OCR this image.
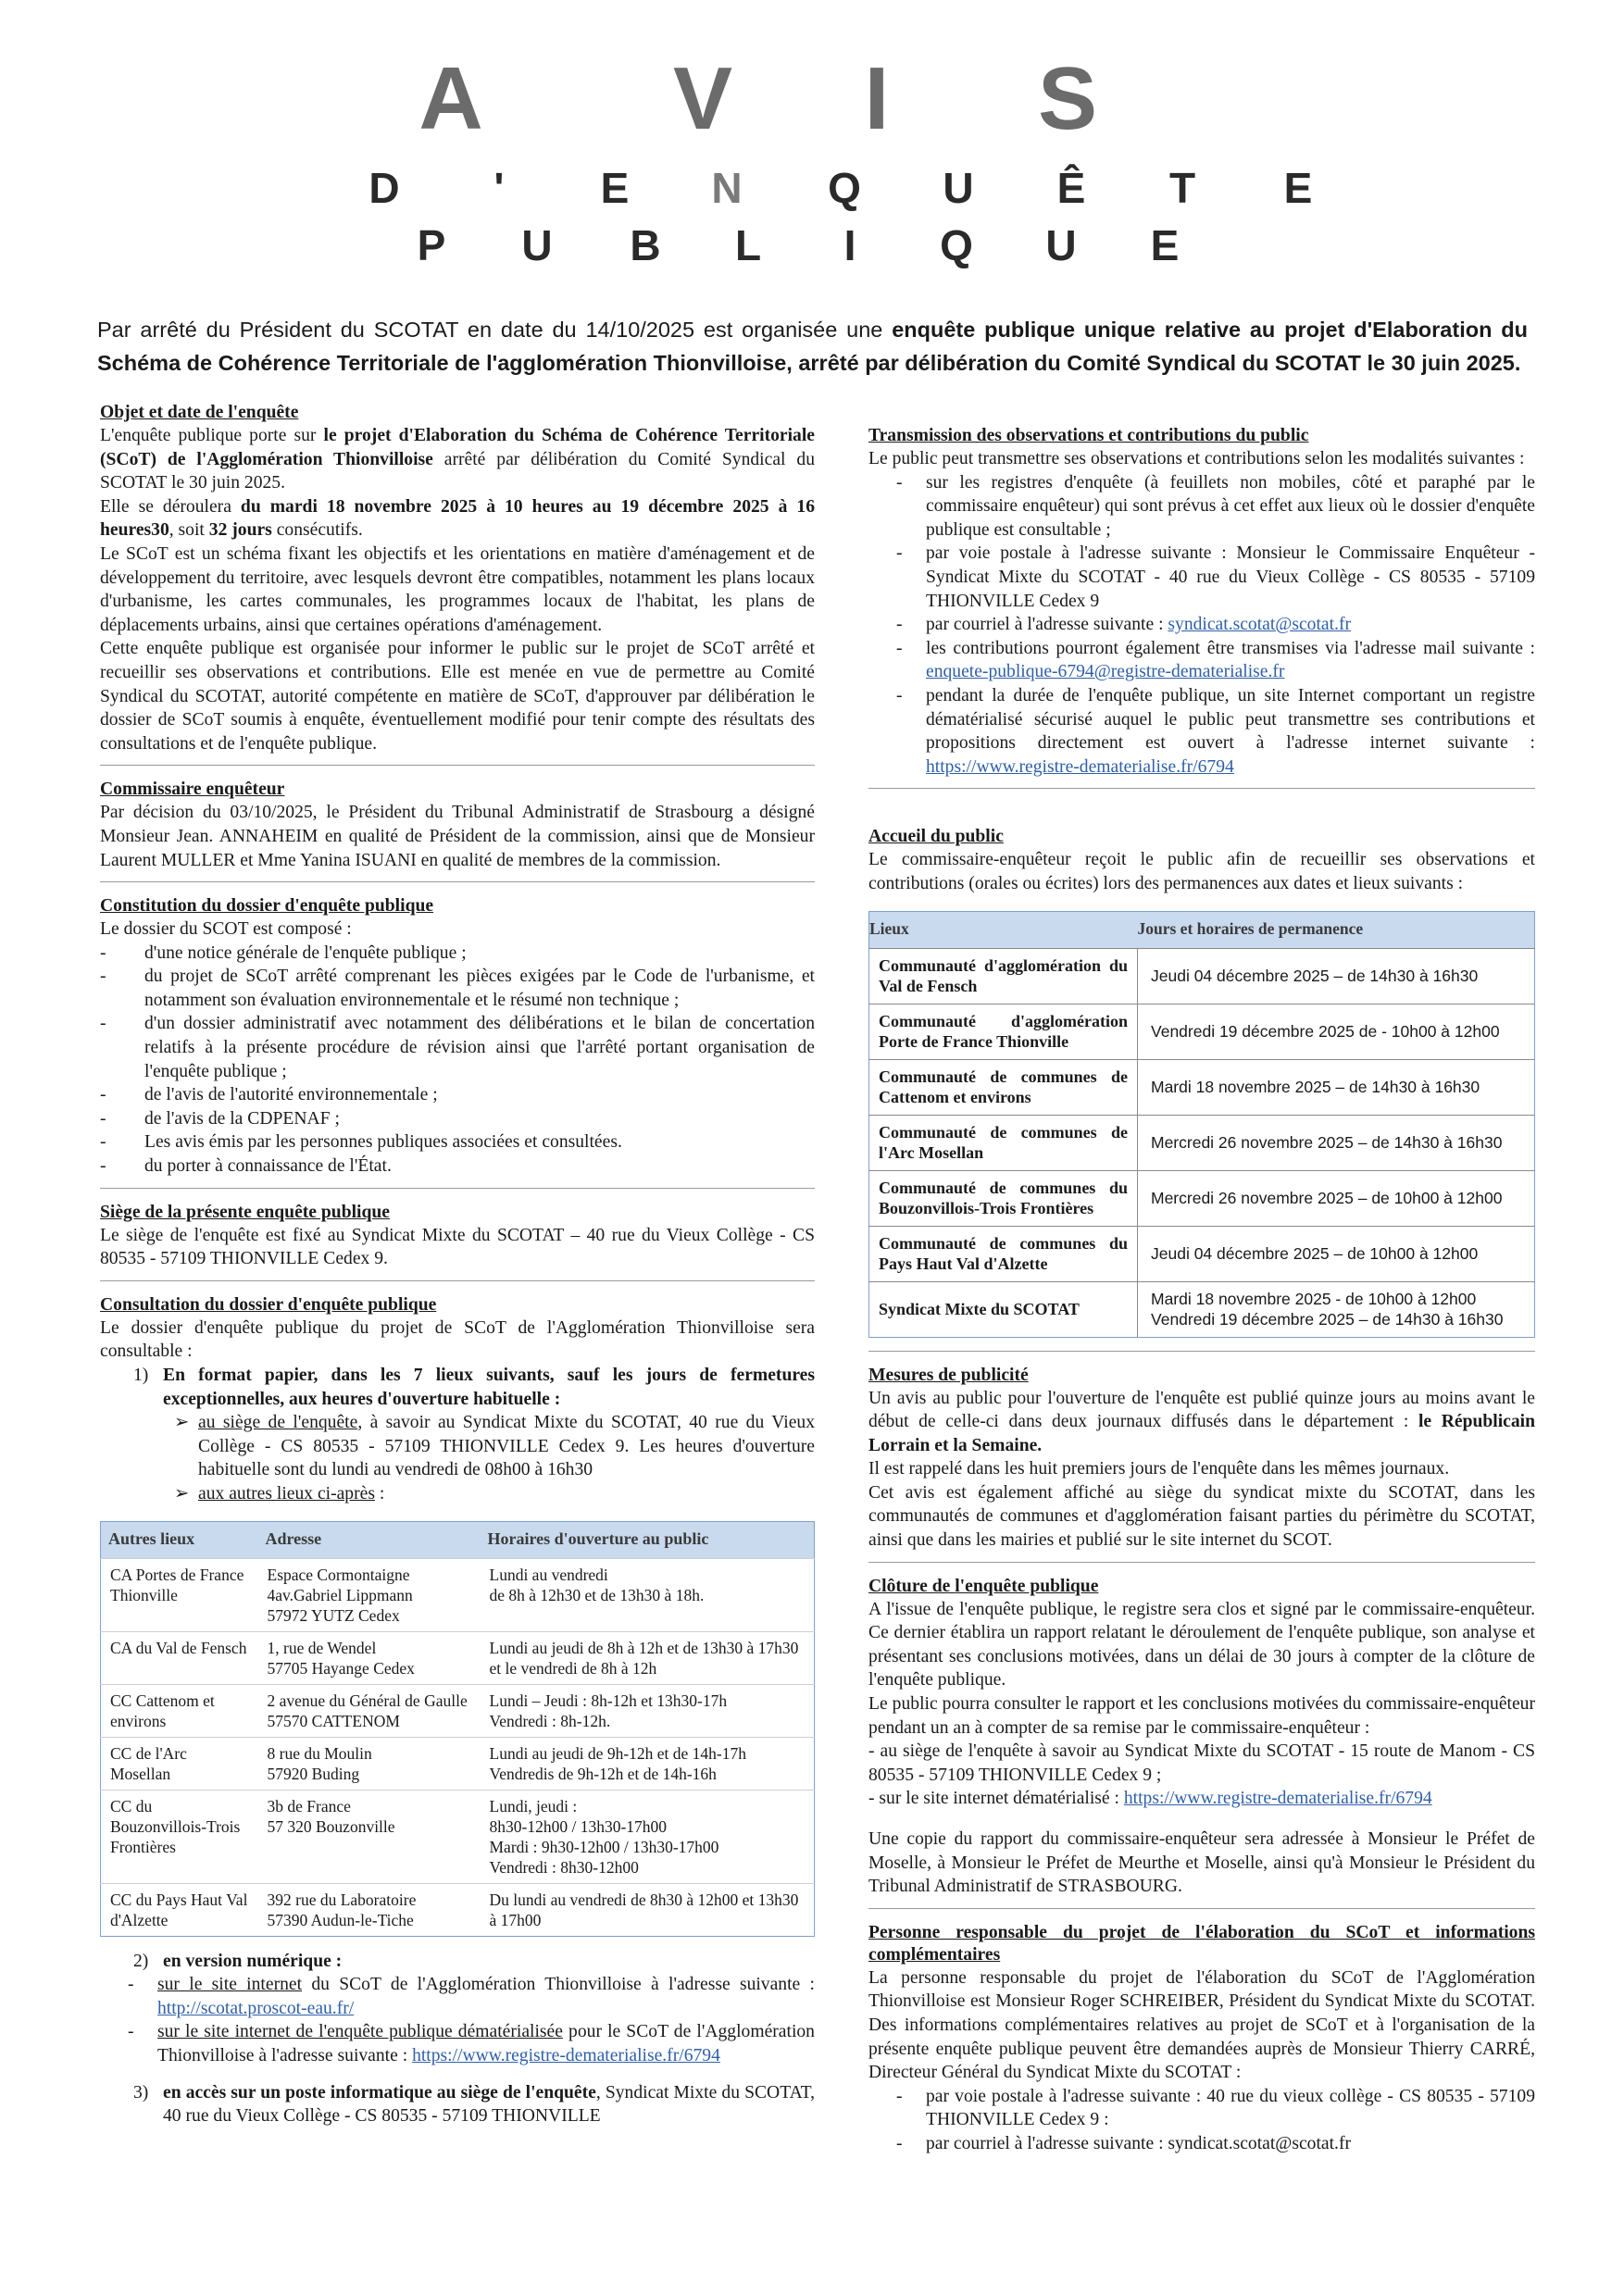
A V	I	S
D	'	E	N	Q	U	Ê	T	E
P	U	B	L	I	Q	U	E
Par arrêté du Président du SCOTAT en date du 14/10/2025 est organisée une enquête publique unique relative au projet d'Elaboration du Schéma de Cohérence Territoriale de l'agglomération Thionvilloise, arrêté par délibération du Comité Syndical du SCOTAT le 30 juin 2025.
Objet et date de l'enquête

L'enquête publique porte sur le projet d'Elaboration du Schéma de Cohérence Territoriale (SCoT) de l'Agglomération Thionvilloise arrêté par délibération du Comité Syndical du SCOTAT le 30 juin 2025.

Elle se déroulera du mardi 18 novembre 2025 à 10 heures au 19 décembre 2025 à 16 heures30, soit 32 jours consécutifs.

Le SCoT est un schéma fixant les objectifs et les orientations en matière d'aménagement et de développement du territoire, avec lesquels devront être compatibles, notamment les plans locaux d'urbanisme, les cartes communales, les programmes locaux de l'habitat, les plans de déplacements urbains, ainsi que certaines opérations d'aménagement.

Cette enquête publique est organisée pour informer le public sur le projet de SCoT arrêté et recueillir ses observations et contributions. Elle est menée en vue de permettre au Comité Syndical du SCOTAT, autorité compétente en matière de SCoT, d'approuver par délibération le dossier de SCoT soumis à enquête, éventuellement modifié pour tenir compte des résultats des consultations et de l'enquête publique.

Commissaire enquêteur

Par décision du 03/10/2025, le Président du Tribunal Administratif de Strasbourg a désigné Monsieur Jean. ANNAHEIM en qualité de Président de la commission, ainsi que de Monsieur Laurent MULLER et Mme Yanina ISUANI en qualité de membres de la commission.

Constitution du dossier d'enquête publique

Le dossier du SCOT est composé :

- d'une notice générale de l'enquête publique ;
- du projet de SCoT arrêté comprenant les pièces exigées par le Code de l'urbanisme, et notamment son évaluation environnementale et le résumé non technique ;
- d'un dossier administratif avec notamment des délibérations et le bilan de concertation relatifs à la présente procédure de révision ainsi que l'arrêté portant organisation de l'enquête publique ;
- de l'avis de l'autorité environnementale ;
- de l'avis de la CDPENAF ;
- Les avis émis par les personnes publiques associées et consultées.
- du porter à connaissance de l'État.
Siège de la présente enquête publique

Le siège de l'enquête est fixé au Syndicat Mixte du SCOTAT – 40 rue du Vieux Collège - CS 80535 - 57109 THIONVILLE Cedex 9.

Consultation du dossier d'enquête publique

Le dossier d'enquête publique du projet de SCoT de l'Agglomération Thionvilloise sera consultable :

1) En format papier, dans les 7 lieux suivants, sauf les jours de fermetures exceptionnelles, aux heures d'ouverture habituelle :
➢ au siège de l'enquête, à savoir au Syndicat Mixte du SCOTAT, 40 rue du Vieux Collège - CS 80535 - 57109 THIONVILLE Cedex 9. Les heures d'ouverture habituelle sont du lundi au vendredi de 08h00 à 16h30
➢ aux autres lieux ci-après :
Autres lieux	Adresse	Horaires d'ouverture au public
CA Portes de France Thionville	Espace Cormontaigne
4av.Gabriel Lippmann
57972 YUTZ Cedex	Lundi au vendredi
de 8h à 12h30 et de 13h30 à 18h.
CA du Val de Fensch	1, rue de Wendel
57705 Hayange Cedex	Lundi au jeudi de 8h à 12h et de 13h30 à 17h30
et le vendredi de 8h à 12h
CC Cattenom et environs	2 avenue du Général de Gaulle
57570 CATTENOM	Lundi – Jeudi : 8h-12h et 13h30-17h
Vendredi : 8h-12h.
CC de l'Arc Mosellan	8 rue du Moulin
57920 Buding	Lundi au jeudi de 9h-12h et de 14h-17h
Vendredis de 9h-12h et de 14h-16h
CC du Bouzonvillois-Trois Frontières	3b de France
57 320 Bouzonville	Lundi, jeudi :
8h30-12h00 / 13h30-17h00
Mardi : 9h30-12h00 / 13h30-17h00
Vendredi : 8h30-12h00
CC du Pays Haut Val d'Alzette	392 rue du Laboratoire
57390 Audun-le-Tiche	Du lundi au vendredi de 8h30 à 12h00 et 13h30 à 17h00
2) en version numérique :
- sur le site internet du SCoT de l'Agglomération Thionvilloise à l'adresse suivante : http://scotat.proscot-eau.fr/
- sur le site internet de l'enquête publique dématérialisée pour le SCoT de l'Agglomération Thionvilloise à l'adresse suivante : https://www.registre-dematerialise.fr/6794
3) en accès sur un poste informatique au siège de l'enquête, Syndicat Mixte du SCOTAT, 40 rue du Vieux Collège - CS 80535 - 57109 THIONVILLE
Transmission des observations et contributions du public

Le public peut transmettre ses observations et contributions selon les modalités suivantes :

- sur les registres d'enquête (à feuillets non mobiles, côté et paraphé par le commissaire enquêteur) qui sont prévus à cet effet aux lieux où le dossier d'enquête publique est consultable ;
- par voie postale à l'adresse suivante : Monsieur le Commissaire Enquêteur - Syndicat Mixte du SCOTAT - 40 rue du Vieux Collège - CS 80535 - 57109 THIONVILLE Cedex 9
- par courriel à l'adresse suivante : syndicat.scotat@scotat.fr
- les contributions pourront également être transmises via l'adresse mail suivante : enquete-publique-6794@registre-dematerialise.fr
- pendant la durée de l'enquête publique, un site Internet comportant un registre dématérialisé sécurisé auquel le public peut transmettre ses contributions et propositions directement est ouvert à l'adresse internet suivante : https://www.registre-dematerialise.fr/6794
Accueil du public

Le commissaire-enquêteur reçoit le public afin de recueillir ses observations et contributions (orales ou écrites) lors des permanences aux dates et lieux suivants :

Lieux	Jours et horaires de permanence
Communauté d'agglomération du Val de Fensch	Jeudi 04 décembre 2025 – de 14h30 à 16h30
Communauté d'agglomération Porte de France Thionville	Vendredi 19 décembre 2025 de - 10h00 à 12h00
Communauté de communes de Cattenom et environs	Mardi 18 novembre 2025 – de 14h30 à 16h30
Communauté de communes de l'Arc Mosellan	Mercredi 26 novembre 2025 – de 14h30 à 16h30
Communauté de communes du Bouzonvillois-Trois Frontières	Mercredi 26 novembre 2025 – de 10h00 à 12h00
Communauté de communes du Pays Haut Val d'Alzette	Jeudi 04 décembre 2025 – de 10h00 à 12h00
Syndicat Mixte du SCOTAT	Mardi 18 novembre 2025 - de 10h00 à 12h00
Vendredi 19 décembre 2025 – de 14h30 à 16h30
Mesures de publicité

Un avis au public pour l'ouverture de l'enquête est publié quinze jours au moins avant le début de celle-ci dans deux journaux diffusés dans le département : le Républicain Lorrain et la Semaine.

Il est rappelé dans les huit premiers jours de l'enquête dans les mêmes journaux.

Cet avis est également affiché au siège du syndicat mixte du SCOTAT, dans les communautés de communes et d'agglomération faisant parties du périmètre du SCOTAT, ainsi que dans les mairies et publié sur le site internet du SCOT.

Clôture de l'enquête publique

A l'issue de l'enquête publique, le registre sera clos et signé par le commissaire-enquêteur. Ce dernier établira un rapport relatant le déroulement de l'enquête publique, son analyse et présentant ses conclusions motivées, dans un délai de 30 jours à compter de la clôture de l'enquête publique.

Le public pourra consulter le rapport et les conclusions motivées du commissaire-enquêteur pendant un an à compter de sa remise par le commissaire-enquêteur :

- au siège de l'enquête à savoir au Syndicat Mixte du SCOTAT - 15 route de Manom - CS 80535 - 57109 THIONVILLE Cedex 9 ;

- sur le site internet dématérialisé : https://www.registre-dematerialise.fr/6794

Une copie du rapport du commissaire-enquêteur sera adressée à Monsieur le Préfet de Moselle, à Monsieur le Préfet de Meurthe et Moselle, ainsi qu'à Monsieur le Président du Tribunal Administratif de STRASBOURG.

Personne responsable du projet de l'élaboration du SCoT et informations complémentaires

La personne responsable du projet de l'élaboration du SCoT de l'Agglomération Thionvilloise est Monsieur Roger SCHREIBER, Président du Syndicat Mixte du SCOTAT. Des informations complémentaires relatives au projet de SCoT et à l'organisation de la présente enquête publique peuvent être demandées auprès de Monsieur Thierry CARRÉ, Directeur Général du Syndicat Mixte du SCOTAT :

- par voie postale à l'adresse suivante : 40 rue du vieux collège - CS 80535 - 57109 THIONVILLE Cedex 9 :
- par courriel à l'adresse suivante : syndicat.scotat@scotat.fr
